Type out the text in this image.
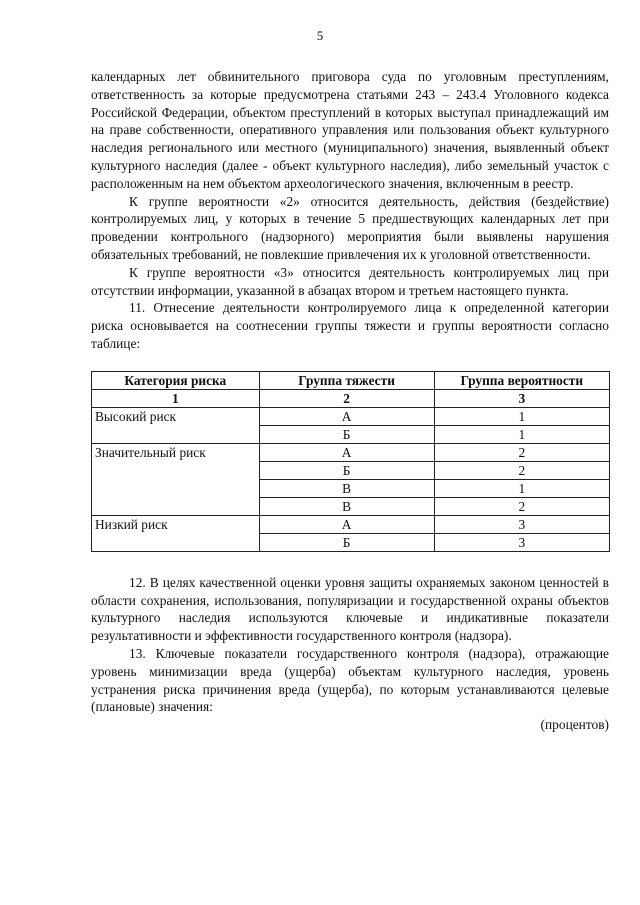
5

календарных лет обвинительного приговора суда по уголовным преступлениям, ответственность за которые предусмотрена статьями 243 – 243.4 Уголовного кодекса Российской Федерации, объектом преступлений в которых выступал принадлежащий им на праве собственности, оперативного управления или пользования объект культурного наследия регионального или местного (муниципального) значения, выявленный объект культурного наследия (далее - объект культурного наследия), либо земельный участок с расположенным на нем объектом археологического значения, включенным в реестр.

К группе вероятности «2» относится деятельность, действия (бездействие) контролируемых лиц, у которых в течение 5 предшествующих календарных лет при проведении контрольного (надзорного) мероприятия были выявлены нарушения обязательных требований, не повлекшие привлечения их к уголовной ответственности.

К группе вероятности «3» относится деятельность контролируемых лиц при отсутствии информации, указанной в абзацах втором и третьем настоящего пункта.

11. Отнесение деятельности контролируемого лица к определенной категории риска основывается на соотнесении группы тяжести и группы вероятности согласно таблице:

Категория риска	Группа тяжести	Группа вероятности
1	2	3
Высокий риск	А	1
	Б	1
Значительный риск	А	2
	Б	2
	В	1
	В	2
Низкий риск	А	3
	Б	3

12. В целях качественной оценки уровня защиты охраняемых законом ценностей в области сохранения, использования, популяризации и государственной охраны объектов культурного наследия используются ключевые и индикативные показатели результативности и эффективности государственного контроля (надзора).

13. Ключевые показатели государственного контроля (надзора), отражающие уровень минимизации вреда (ущерба) объектам культурного наследия, уровень устранения риска причинения вреда (ущерба), по которым устанавливаются целевые (плановые) значения:

(процентов)
